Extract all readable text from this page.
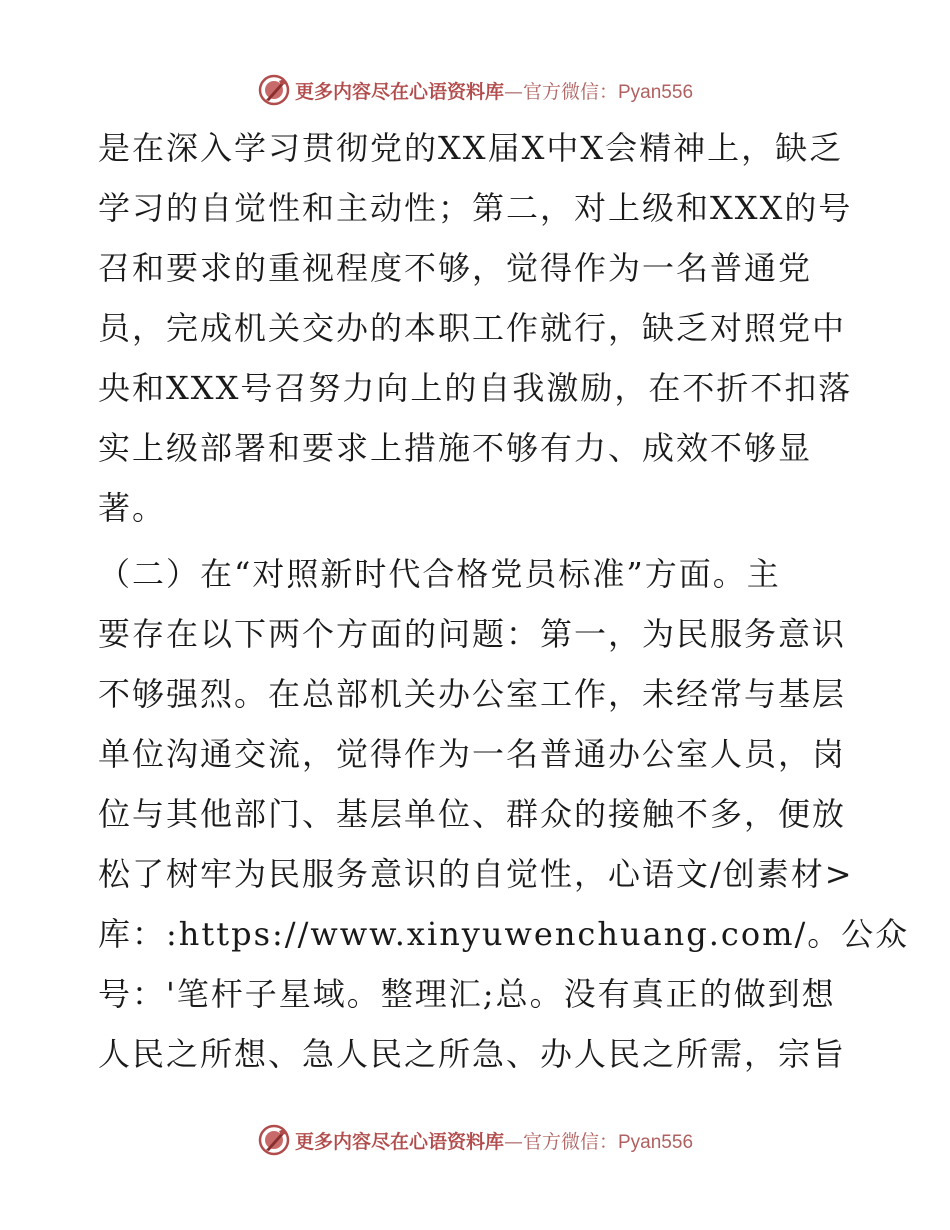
更多内容尽在心语资料库—官方微信：Pyan556
是在深入学习贯彻党的XX届X中X会精神上，缺乏
学习的自觉性和主动性；第二，对上级和XXX的号
召和要求的重视程度不够，觉得作为一名普通党
员，完成机关交办的本职工作就行，缺乏对照党中
央和XXX号召努力向上的自我激励，在不折不扣落
实上级部署和要求上措施不够有力、成效不够显
著。
（二）在“对照新时代合格党员标准”方面。主
要存在以下两个方面的问题：第一，为民服务意识
不够强烈。在总部机关办公室工作，未经常与基层
单位沟通交流，觉得作为一名普通办公室人员，岗
位与其他部门、基层单位、群众的接触不多，便放
松了树牢为民服务意识的自觉性，心语文/创素材>
库：:https://www.xinyuwenchuang.com/。公众
号：'笔杆子星域。整理汇;总。没有真正的做到想
人民之所想、急人民之所急、办人民之所需，宗旨
更多内容尽在心语资料库—官方微信：Pyan556
